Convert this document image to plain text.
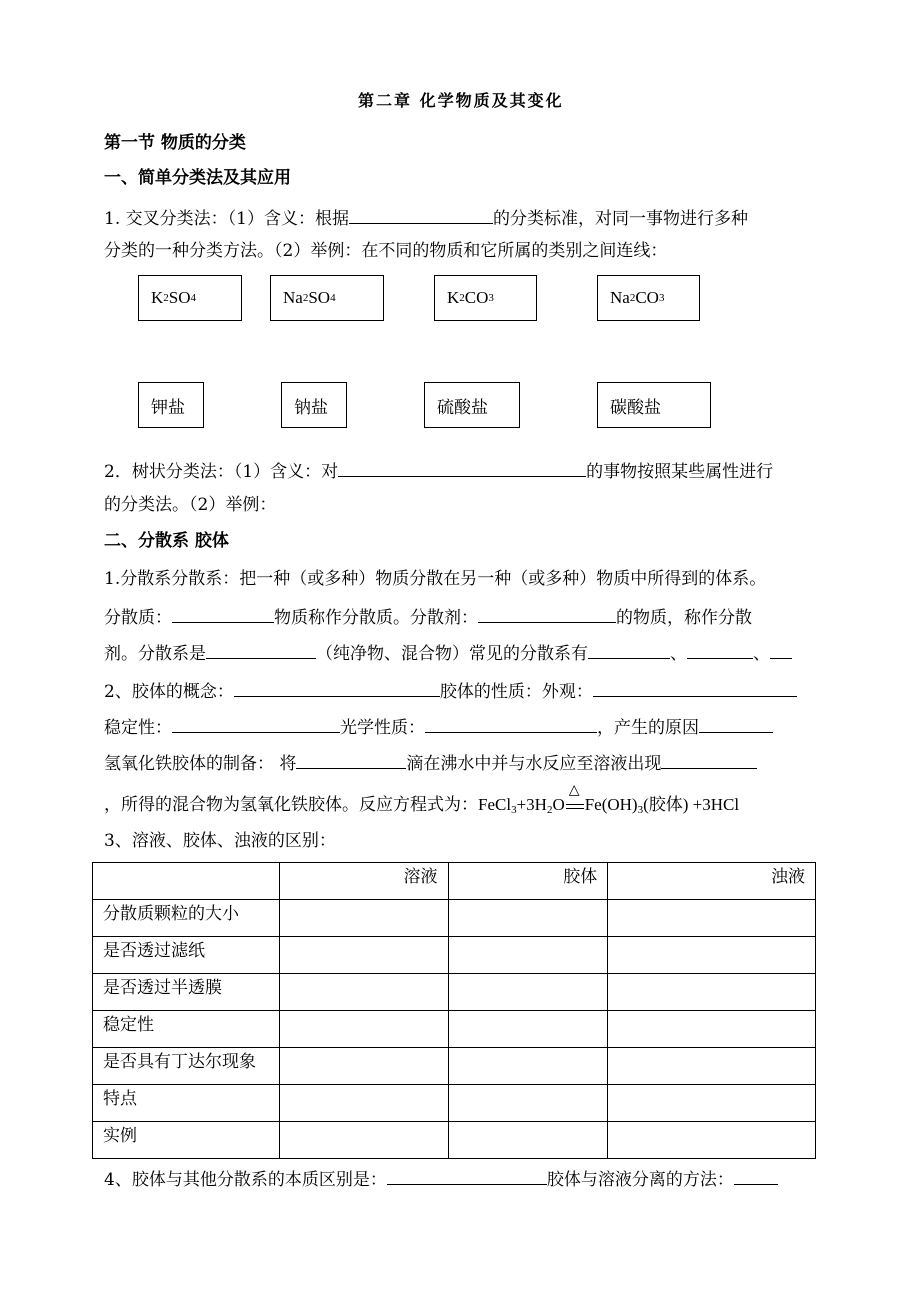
第二章 化学物质及其变化
第一节 物质的分类
一、简单分类法及其应用
1. 交叉分类法：（1）含义：根据	的分类标准，对同一事物进行多种
分类的一种分类方法。（2）举例：在不同的物质和它所属的类别之间连线：
K 2 SO 4	Na 2 SO 4	K 2 CO 3	Na 2 CO 3
钾盐	钠盐	硫酸盐	碳酸盐
2．树状分类法：（1）含义：对	的事物按照某些属性进行
的分类法。（2）举例：
二、分散系 胶体
1.分散系分散系：把一种（或多种）物质分散在另一种（或多种）物质中所得到的体系。
分散质：	物质称作分散质。分散剂：	的物质，称作分散
剂。分散系是	（纯净物、混合物）常见的分散系有	、	、
2、胶体的概念：	胶体的性质：外观：
稳定性：	光学性质：	，产生的原因
氢氧化铁胶体的制备： 将	滴在沸水中并与水反应至溶液出现
，所得的混合物为氢氧化铁胶体。反应方程式为：$FeCl_3+3H_2O$
△
$Fe(OH)_3$(胶体) +3HCl
3、溶液、胶体、浊液的区别：
	溶液	胶体	浊液
分散质颗粒的大小			
是否透过滤纸			
是否透过半透膜			
稳定性			
是否具有丁达尔现象			
特点			
实例			
4、胶体与其他分散系的本质区别是：	胶体与溶液分离的方法：
